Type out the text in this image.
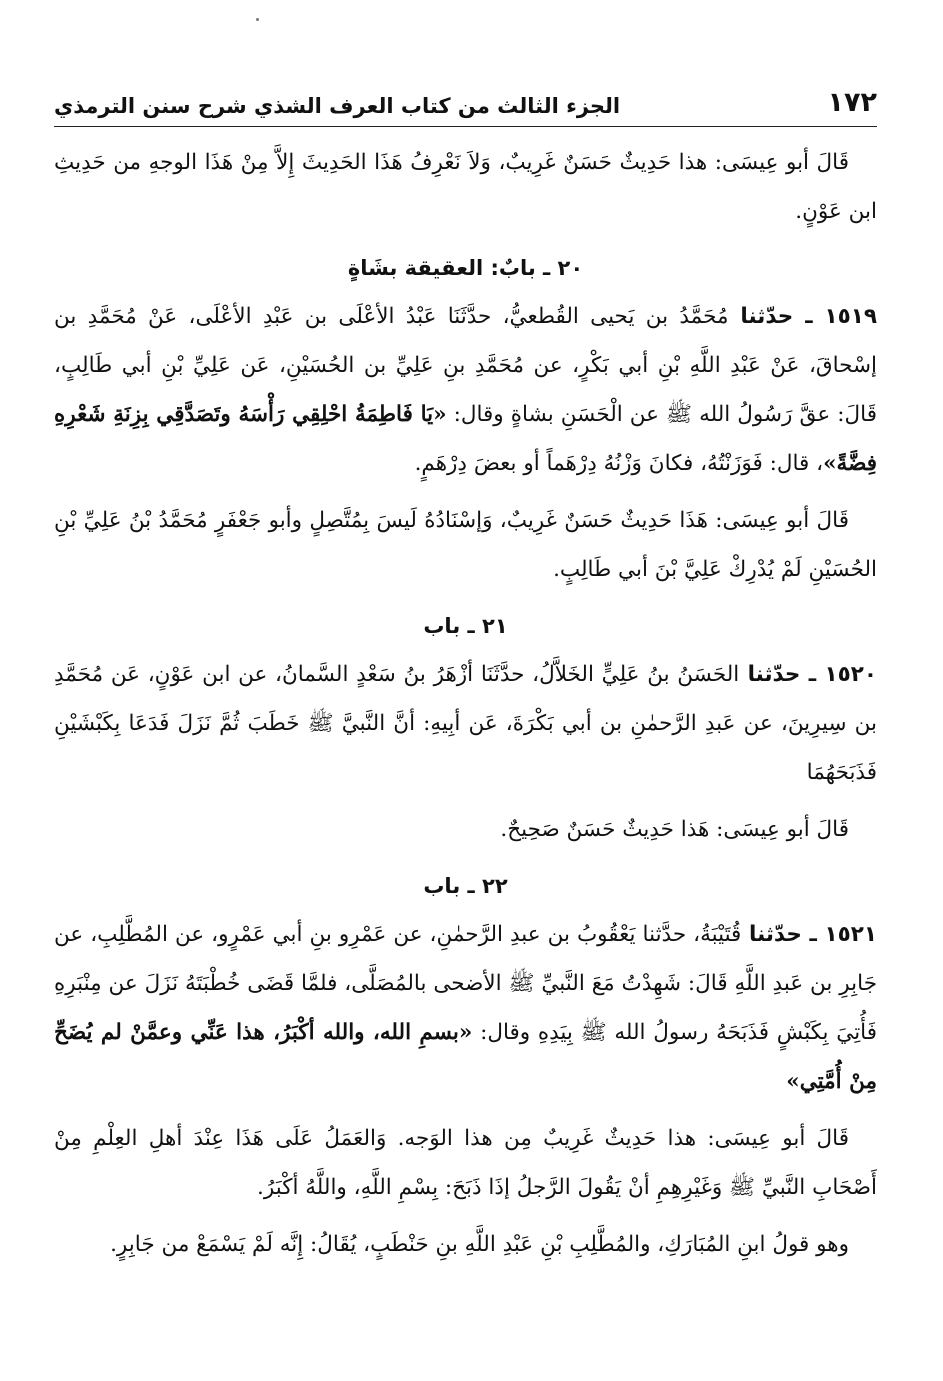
١٧٢
الجزء الثالث من كتاب العرف الشذي شرح سنن الترمذي

قَالَ أبو عِيسَى: هذا حَدِيثٌ حَسَنٌ غَرِيبٌ، وَلاَ نَعْرِفُ هَذَا الحَدِيثَ إِلاَّ مِنْ هَذَا الوجهِ من حَدِيثِ ابن عَوْنٍ.

٢٠ ـ بابٌ: العقيقة بشَاةٍ

١٥١٩ ـ حدّثنا مُحَمَّدُ بن يَحيى القُطعيُّ، حدَّثَنَا عَبْدُ الأعْلَى بن عَبْدِ الأعْلَى، عَنْ مُحَمَّدِ بن إسْحاقَ، عَنْ عَبْدِ اللَّهِ بْنِ أبي بَكْرٍ، عن مُحَمَّدِ بنِ عَلِيِّ بن الحُسَيْنِ، عَن عَلِيِّ بْنِ أبي طَالِبٍ، قَالَ: عقَّ رَسُولُ الله ﷺ عن الْحَسَنِ بشاةٍ وقال: «يَا فَاطِمَةُ احْلِقِي رَأْسَهُ وتَصَدَّقِي بِزِنَةِ شَعْرِهِ فِضَّةً»، قال: فَوَزَنْتُهُ، فكانَ وَزْنُهُ دِرْهَماً أو بعضَ دِرْهَمٍ.

قَالَ أبو عِيسَى: هَذَا حَدِيثٌ حَسَنٌ غَرِيبٌ، وَإسْنَادُهُ لَيسَ بِمُتَّصِلٍ وأبو جَعْفَرٍ مُحَمَّدُ بْنُ عَلِيِّ بْنِ الحُسَيْنِ لَمْ يُدْرِكْ عَلِيَّ بْنَ أبي طَالِبٍ.

٢١ ـ باب

١٥٢٠ ـ حدّثنا الحَسَنُ بنُ عَلِيٍّ الخَلاَّلُ، حدَّثَنَا أزْهَرُ بنُ سَعْدٍ السَّمانُ، عن ابن عَوْنٍ، عَن مُحَمَّدِ بن سِيرِينَ، عن عَبدِ الرَّحمٰنِ بن أبي بَكْرَةَ، عَن أبِيهِ: أنَّ النَّبيَّ ﷺ خَطَبَ ثُمَّ نَزَلَ فَدَعَا بِكَبْشَيْنِ فَذَبَحَهُمَا

قَالَ أبو عِيسَى: هَذا حَدِيثٌ حَسَنٌ صَحِيحٌ.

٢٢ ـ باب

١٥٢١ ـ حدّثنا قُتَيْبَةُ، حدَّثنا يَعْقُوبُ بن عبدِ الرَّحمٰنِ، عن عَمْرِو بنِ أبي عَمْرٍو، عن المُطَّلِبِ، عن جَابِرِ بن عَبدِ اللَّهِ قَالَ: شَهِدْتُ مَعَ النَّبيِّ ﷺ الأضحى بالمُصَلَّى، فلمَّا قَضَى خُطْبَتَهُ نَزَلَ عن مِنْبَرِهِ فَأُتِيَ بِكَبْشٍ فَذَبَحَهُ رسولُ الله ﷺ بِيَدِهِ وقال: «بسمِ الله، والله أكْبَرُ، هذا عَنِّي وعمَّنْ لم يُضَحِّ مِنْ أُمَّتِي»

قَالَ أبو عِيسَى: هذا حَدِيثٌ غَرِيبٌ مِن هذا الوَجه. وَالعَمَلُ عَلَى هَذَا عِنْدَ أهلِ العِلْمِ مِنْ أَصْحَابِ النَّبيِّ ﷺ وَغَيْرِهِمِ أنْ يَقُولَ الرَّجلُ إذَا ذَبَحَ: بِسْمِ اللَّهِ، واللَّهُ أكْبَرُ.

وهو قولُ ابنِ المُبَارَكِ، والمُطَّلِبِ بْنِ عَبْدِ اللَّهِ بنِ حَنْطَبٍ، يُقَالُ: إِنَّه لَمْ يَسْمَعْ من جَابِرٍ.
